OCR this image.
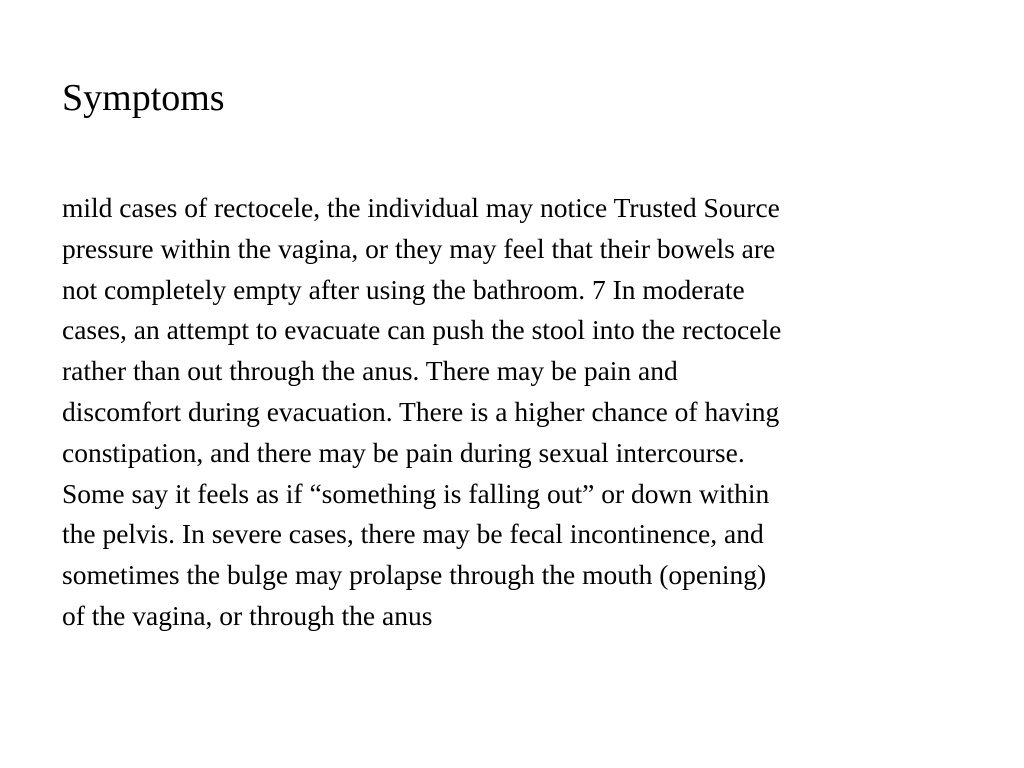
Symptoms

mild cases of rectocele, the individual may notice Trusted Source
pressure within the vagina, or they may feel that their bowels are
not completely empty after using the bathroom. 7 In moderate
cases, an attempt to evacuate can push the stool into the rectocele
rather than out through the anus. There may be pain and
discomfort during evacuation. There is a higher chance of having
constipation, and there may be pain during sexual intercourse.
Some say it feels as if “something is falling out” or down within
the pelvis. In severe cases, there may be fecal incontinence, and
sometimes the bulge may prolapse through the mouth (opening)
of the vagina, or through the anus
